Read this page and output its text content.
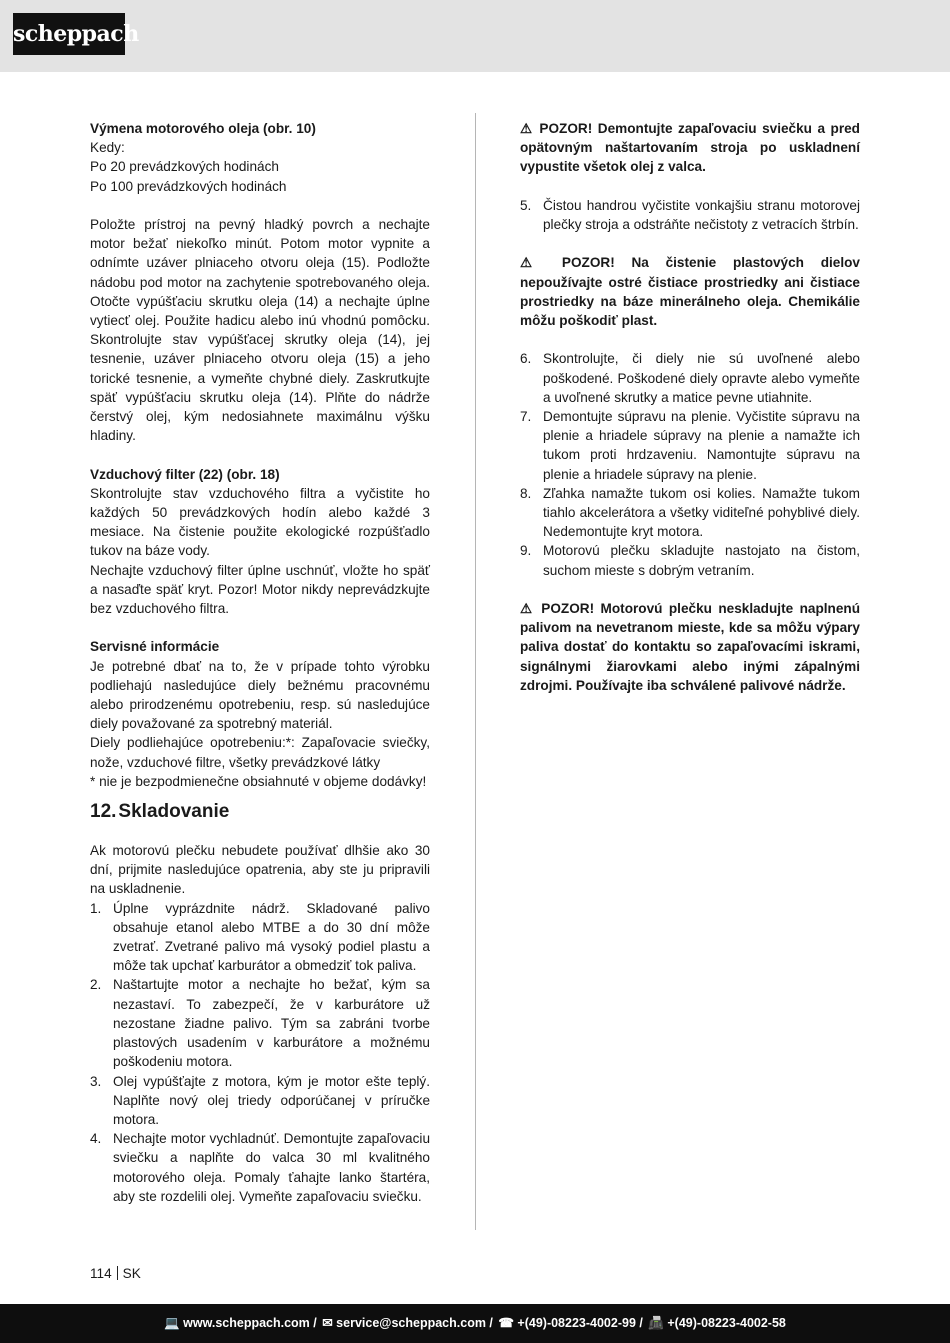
scheppach

Výmena motorového oleja (obr. 10)

Kedy:

Po 20 prevádzkových hodinách

Po 100 prevádzkových hodinách

Položte prístroj na pevný hladký povrch a nechajte motor bežať niekoľko minút. Potom motor vypnite a odnímte uzáver plniaceho otvoru oleja (15). Podložte nádobu pod motor na zachytenie spotrebovaného oleja. Otočte vypúšťaciu skrutku oleja (14) a nechajte úplne vytiecť olej. Použite hadicu alebo inú vhodnú pomôcku. Skontrolujte stav vypúšťacej skrutky oleja (14), jej tesnenie, uzáver plniaceho otvoru oleja (15) a jeho torické tesnenie, a vymeňte chybné diely. Zaskrutkujte späť vypúšťaciu skrutku oleja (14). Plňte do nádrže čerstvý olej, kým nedosiahnete maximálnu výšku hladiny.

Vzduchový filter (22) (obr. 18)

Skontrolujte stav vzduchového filtra a vyčistite ho každých 50 prevádzkových hodín alebo každé 3 mesiace. Na čistenie použite ekologické rozpúšťadlo tukov na báze vody.

Nechajte vzduchový filter úplne uschnúť, vložte ho späť a nasaďte späť kryt. Pozor! Motor nikdy neprevádzkujte bez vzduchového filtra.

Servisné informácie

Je potrebné dbať na to, že v prípade tohto výrobku podliehajú nasledujúce diely bežnému pracovnému alebo prirodzenému opotrebeniu, resp. sú nasledujúce diely považované za spotrebný materiál.

Diely podliehajúce opotrebeniu:*: Zapaľovacie sviečky, nože, vzduchové filtre, všetky prevádzkové látky

* nie je bezpodmienečne obsiahnuté v objeme dodávky!

12. Skladovanie

Ak motorovú plečku nebudete používať dlhšie ako 30 dní, prijmite nasledujúce opatrenia, aby ste ju pripravili na uskladnenie.

1. Úplne vyprázdnite nádrž. Skladované palivo obsahuje etanol alebo MTBE a do 30 dní môže zvetrať. Zvetrané palivo má vysoký podiel plastu a môže tak upchať karburátor a obmedziť tok paliva.
2. Naštartujte motor a nechajte ho bežať, kým sa nezastaví. To zabezpečí, že v karburátore už nezostane žiadne palivo. Tým sa zabráni tvorbe plastových usadením v karburátore a možnému poškodeniu motora.
3. Olej vypúšťajte z motora, kým je motor ešte teplý. Naplňte nový olej triedy odporúčanej v príručke motora.
4. Nechajte motor vychladnúť. Demontujte zapaľovaciu sviečku a naplňte do valca 30 ml kvalitného motorového oleja. Pomaly ťahajte lanko štartéra, aby ste rozdelili olej. Vymeňte zapaľovaciu sviečku.

⚠ POZOR! Demontujte zapaľovaciu sviečku a pred opätovným naštartovaním stroja po uskladnení vypustite všetok olej z valca.

5. Čistou handrou vyčistite vonkajšiu stranu motorovej plečky stroja a odstráňte nečistoty z vetracích štrbín.

⚠ POZOR! Na čistenie plastových dielov nepoužívajte ostré čistiace prostriedky ani čistiace prostriedky na báze minerálneho oleja. Chemikálie môžu poškodiť plast.

6. Skontrolujte, či diely nie sú uvoľnené alebo poškodené. Poškodené diely opravte alebo vymeňte a uvoľnené skrutky a matice pevne utiahnite.
7. Demontujte súpravu na plenie. Vyčistite súpravu na plenie a hriadele súpravy na plenie a namažte ich tukom proti hrdzaveniu. Namontujte súpravu na plenie a hriadele súpravy na plenie.
8. Zľahka namažte tukom osi kolies. Namažte tukom tiahlo akcelerátora a všetky viditeľné pohyblivé diely. Nedemontujte kryt motora.
9. Motorovú plečku skladujte nastojato na čistom, suchom mieste s dobrým vetraním.

⚠ POZOR! Motorovú plečku neskladujte naplnenú palivom na nevetranom mieste, kde sa môžu výpary paliva dostať do kontaktu so zapaľovacími iskrami, signálnymi žiarovkami alebo inými zápalnými zdrojmi. Používajte iba schválené palivové nádrže.

114 SK
💻 www.scheppach.com / ✉ service@scheppach.com / ☎ +(49)-08223-4002-99 / 📠 +(49)-08223-4002-58
